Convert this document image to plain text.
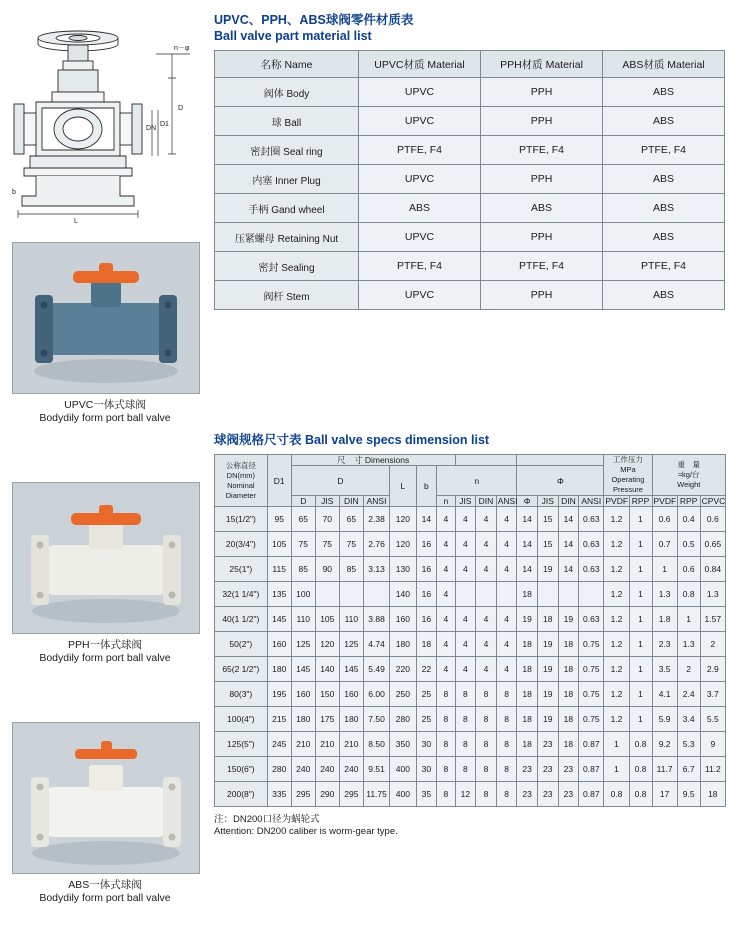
n－φ
D
D1
DN
L
b
UPVC一体式球阀
Bodydily form port ball valve
PPH一体式球阀
Bodydily form port ball valve
ABS一体式球阀
Bodydily form port ball valve
UPVC、PPH、ABS球阀零件材质表
Ball valve part material list
名称 Name	UPVC材质 Material	PPH材质 Material	ABS材质 Material
阀体 Body	UPVC	PPH	ABS
球 Ball	UPVC	PPH	ABS
密封圈 Seal ring	PTFE, F4	PTFE, F4	PTFE, F4
内塞 Inner Plug	UPVC	PPH	ABS
手柄 Gand wheel	ABS	ABS	ABS
压紧螺母 Retaining Nut	UPVC	PPH	ABS
密封 Sealing	PTFE, F4	PTFE, F4	PTFE, F4
阀杆 Stem	UPVC	PPH	ABS
球阀规格尺寸表 Ball valve specs dimension list
公称直径
DN(mm)
Nominal
Diameter	D1	尺　寸 Dimensions														工作压力
MPa
Operating
Pressure		重　量
≈kg/台
Weight		
		D				L	b	n				Φ								
		D	JIS	DIN	ANSI			n	JIS	DIN	ANSI	Φ	JIS	DIN	ANSI	PVDF	RPP	PVDF	RPP	CPVC
15(1/2")	95	65	70	65	2.38	120	14	4	4	4	4	14	15	14	0.63	1.2	1	0.6	0.4	0.6
20(3/4")	105	75	75	75	2.76	120	16	4	4	4	4	14	15	14	0.63	1.2	1	0.7	0.5	0.65
25(1")	115	85	90	85	3.13	130	16	4	4	4	4	14	19	14	0.63	1.2	1	1	0.6	0.84
32(1 1/4")	135	100				140	16	4				18				1.2	1	1.3	0.8	1.3
40(1 1/2")	145	110	105	110	3.88	160	16	4	4	4	4	19	18	19	0.63	1.2	1	1.8	1	1.57
50(2")	160	125	120	125	4.74	180	18	4	4	4	4	18	19	18	0.75	1.2	1	2.3	1.3	2
65(2 1/2")	180	145	140	145	5.49	220	22	4	4	4	4	18	19	18	0.75	1.2	1	3.5	2	2.9
80(3")	195	160	150	160	6.00	250	25	8	8	8	8	18	19	18	0.75	1.2	1	4.1	2.4	3.7
100(4")	215	180	175	180	7.50	280	25	8	8	8	8	18	19	18	0.75	1.2	1	5.9	3.4	5.5
125(5")	245	210	210	210	8.50	350	30	8	8	8	8	18	23	18	0.87	1	0.8	9.2	5.3	9
150(6")	280	240	240	240	9.51	400	30	8	8	8	8	23	23	23	0.87	1	0.8	11.7	6.7	11.2
200(8")	335	295	290	295	11.75	400	35	8	12	8	8	23	23	23	0.87	0.8	0.8	17	9.5	18
注：DN200口径为蜗轮式
Attention: DN200 caliber is worm-gear type.
